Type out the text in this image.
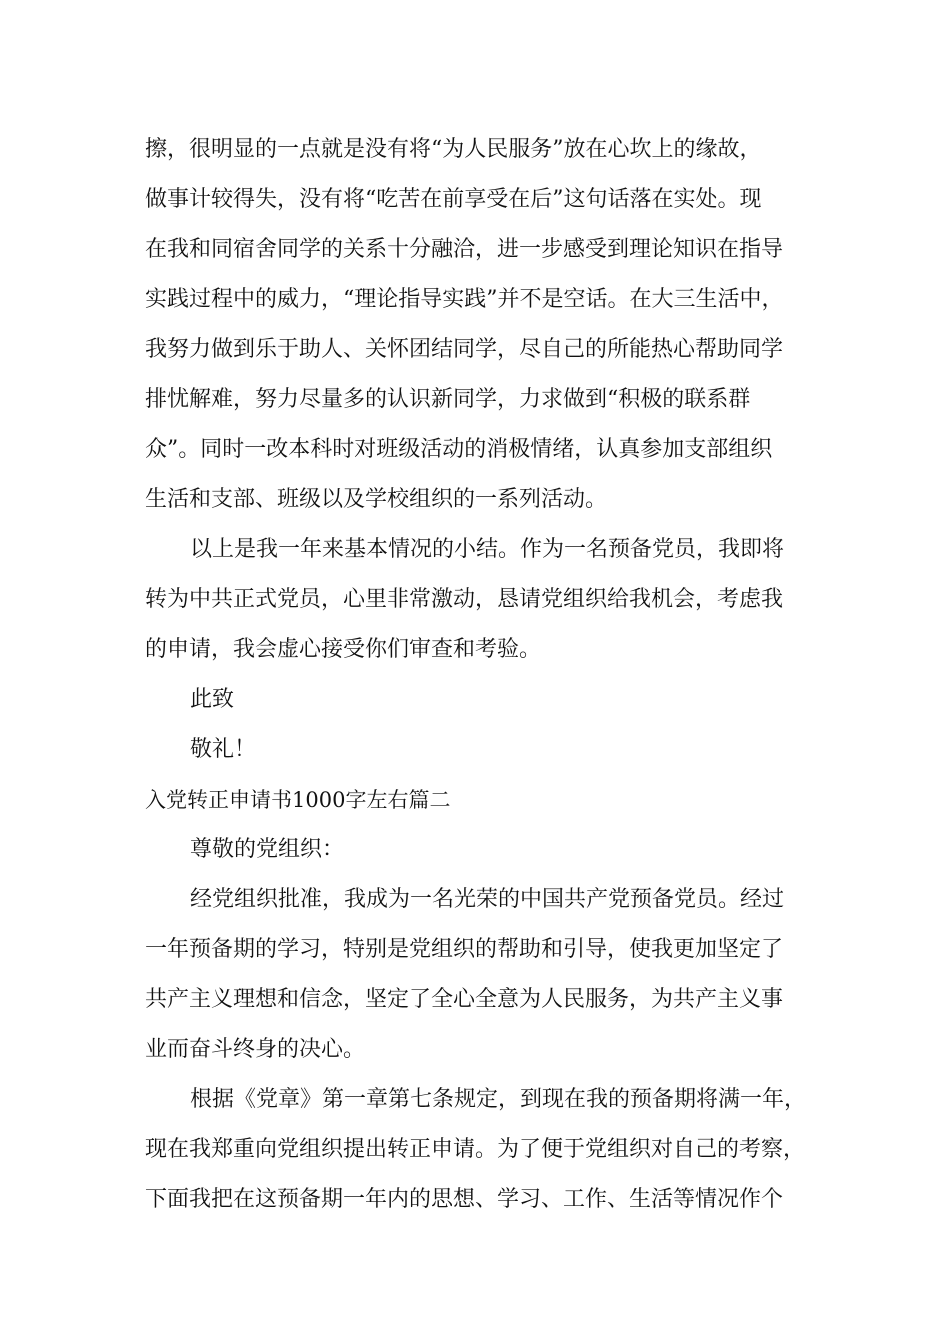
擦，很明显的一点就是没有将“为人民服务”放在心坎上的缘故，
做事计较得失，没有将“吃苦在前享受在后”这句话落在实处。现
在我和同宿舍同学的关系十分融洽，进一步感受到理论知识在指导
实践过程中的威力，“理论指导实践”并不是空话。在大三生活中，
我努力做到乐于助人、关怀团结同学，尽自己的所能热心帮助同学
排忧解难，努力尽量多的认识新同学，力求做到“积极的联系群
众”。同时一改本科时对班级活动的消极情绪，认真参加支部组织
生活和支部、班级以及学校组织的一系列活动。
以上是我一年来基本情况的小结。作为一名预备党员，我即将
转为中共正式党员，心里非常激动，恳请党组织给我机会，考虑我
的申请，我会虚心接受你们审查和考验。
此致
敬礼！
入党转正申请书1000字左右篇二
尊敬的党组织：
经党组织批准，我成为一名光荣的中国共产党预备党员。经过
一年预备期的学习，特别是党组织的帮助和引导，使我更加坚定了
共产主义理想和信念，坚定了全心全意为人民服务，为共产主义事
业而奋斗终身的决心。
根据《党章》第一章第七条规定，到现在我的预备期将满一年，
现在我郑重向党组织提出转正申请。为了便于党组织对自己的考察，
下面我把在这预备期一年内的思想、学习、工作、生活等情况作个
